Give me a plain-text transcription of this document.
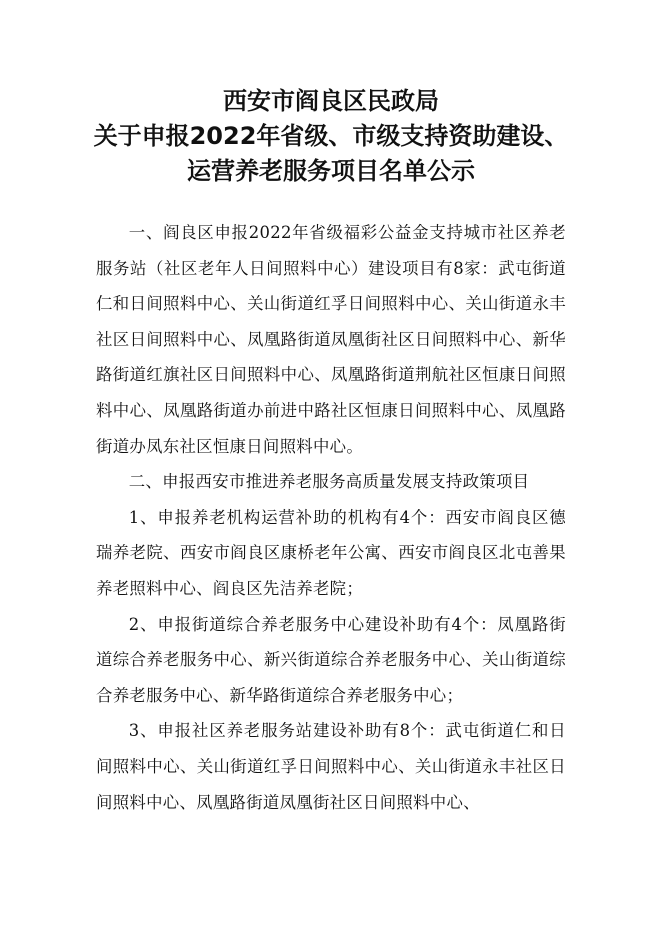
西安市阎良区民政局
关于申报2022年省级、市级支持资助建设、
运营养老服务项目名单公示

一、阎良区申报2022年省级福彩公益金支持城市社区养老服务站（社区老年人日间照料中心）建设项目有8家：武屯街道仁和日间照料中心、关山街道红孚日间照料中心、关山街道永丰社区日间照料中心、凤凰路街道凤凰街社区日间照料中心、新华路街道红旗社区日间照料中心、凤凰路街道荆航社区恒康日间照料中心、凤凰路街道办前进中路社区恒康日间照料中心、凤凰路街道办凤东社区恒康日间照料中心。

二、申报西安市推进养老服务高质量发展支持政策项目

1、申报养老机构运营补助的机构有4个：西安市阎良区德瑞养老院、西安市阎良区康桥老年公寓、西安市阎良区北屯善果养老照料中心、阎良区先洁养老院；

2、申报街道综合养老服务中心建设补助有4个：凤凰路街道综合养老服务中心、新兴街道综合养老服务中心、关山街道综合养老服务中心、新华路街道综合养老服务中心；

3、申报社区养老服务站建设补助有8个：武屯街道仁和日间照料中心、关山街道红孚日间照料中心、关山街道永丰社区日间照料中心、凤凰路街道凤凰街社区日间照料中心、
